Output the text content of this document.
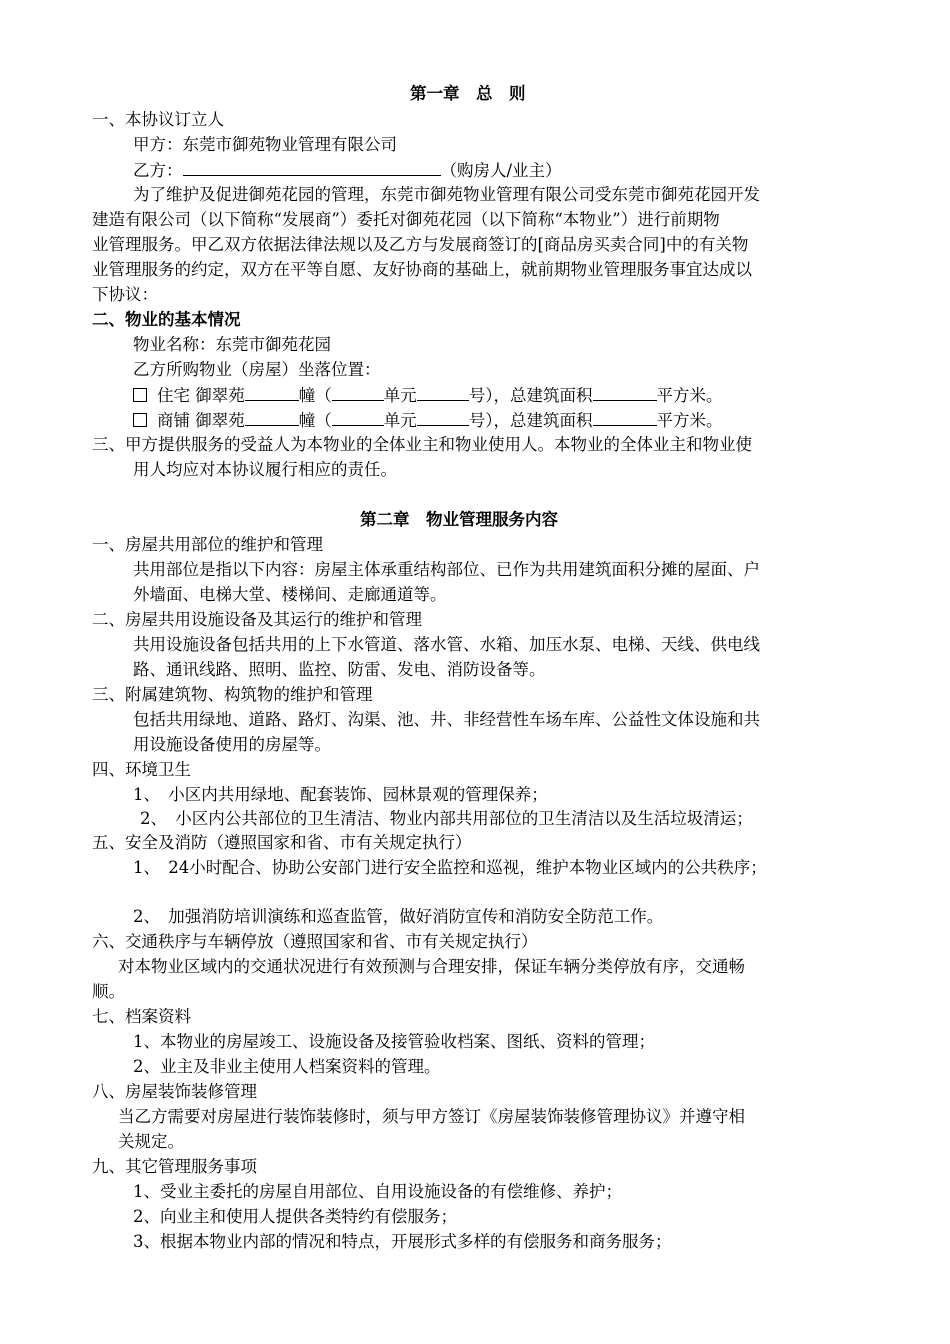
第一章　总　则
一、本协议订立人
甲方：东莞市御苑物业管理有限公司
乙方：	（购房人/业主）
为了维护及促进御苑花园的管理，东莞市御苑物业管理有限公司受东莞市御苑花园开发
建造有限公司（以下简称“发展商”）委托对御苑花园（以下简称“本物业”）进行前期物
业管理服务。甲乙双方依据法律法规以及乙方与发展商签订的[商品房买卖合同]中的有关物
业管理服务的约定，双方在平等自愿、友好协商的基础上，就前期物业管理服务事宜达成以
下协议：
二、物业的基本情况
物业名称：东莞市御苑花园
乙方所购物业（房屋）坐落位置：
住宅 御翠苑	幢（	单元	号），总建筑面积	平方米。
商铺 御翠苑	幢（	单元	号），总建筑面积	平方米。
三、甲方提供服务的受益人为本物业的全体业主和物业使用人。本物业的全体业主和物业使
用人均应对本协议履行相应的责任。
第二章　物业管理服务内容
一、房屋共用部位的维护和管理
共用部位是指以下内容：房屋主体承重结构部位、已作为共用建筑面积分摊的屋面、户
外墙面、电梯大堂、楼梯间、走廊通道等。
二、房屋共用设施设备及其运行的维护和管理
共用设施设备包括共用的上下水管道、落水管、水箱、加压水泵、电梯、天线、供电线
路、通讯线路、照明、监控、防雷、发电、消防设备等。
三、附属建筑物、构筑物的维护和管理
包括共用绿地、道路、路灯、沟渠、池、井、非经营性车场车库、公益性文体设施和共
用设施设备使用的房屋等。
四、环境卫生
1、　小区内共用绿地、配套装饰、园林景观的管理保养；
2、　小区内公共部位的卫生清洁、物业内部共用部位的卫生清洁以及生活垃圾清运；
五、安全及消防（遵照国家和省、市有关规定执行）
1、　24小时配合、协助公安部门进行安全监控和巡视，维护本物业区域内的公共秩序；
2、　加强消防培训演练和巡查监管，做好消防宣传和消防安全防范工作。
六、交通秩序与车辆停放（遵照国家和省、市有关规定执行）
对本物业区域内的交通状况进行有效预测与合理安排，保证车辆分类停放有序，交通畅
顺。
七、档案资料
1、本物业的房屋竣工、设施设备及接管验收档案、图纸、资料的管理；
2、业主及非业主使用人档案资料的管理。
八、房屋装饰装修管理
当乙方需要对房屋进行装饰装修时，须与甲方签订《房屋装饰装修管理协议》并遵守相
关规定。
九、其它管理服务事项
1、受业主委托的房屋自用部位、自用设施设备的有偿维修、养护；
2、向业主和使用人提供各类特约有偿服务；
3、根据本物业内部的情况和特点，开展形式多样的有偿服务和商务服务；
